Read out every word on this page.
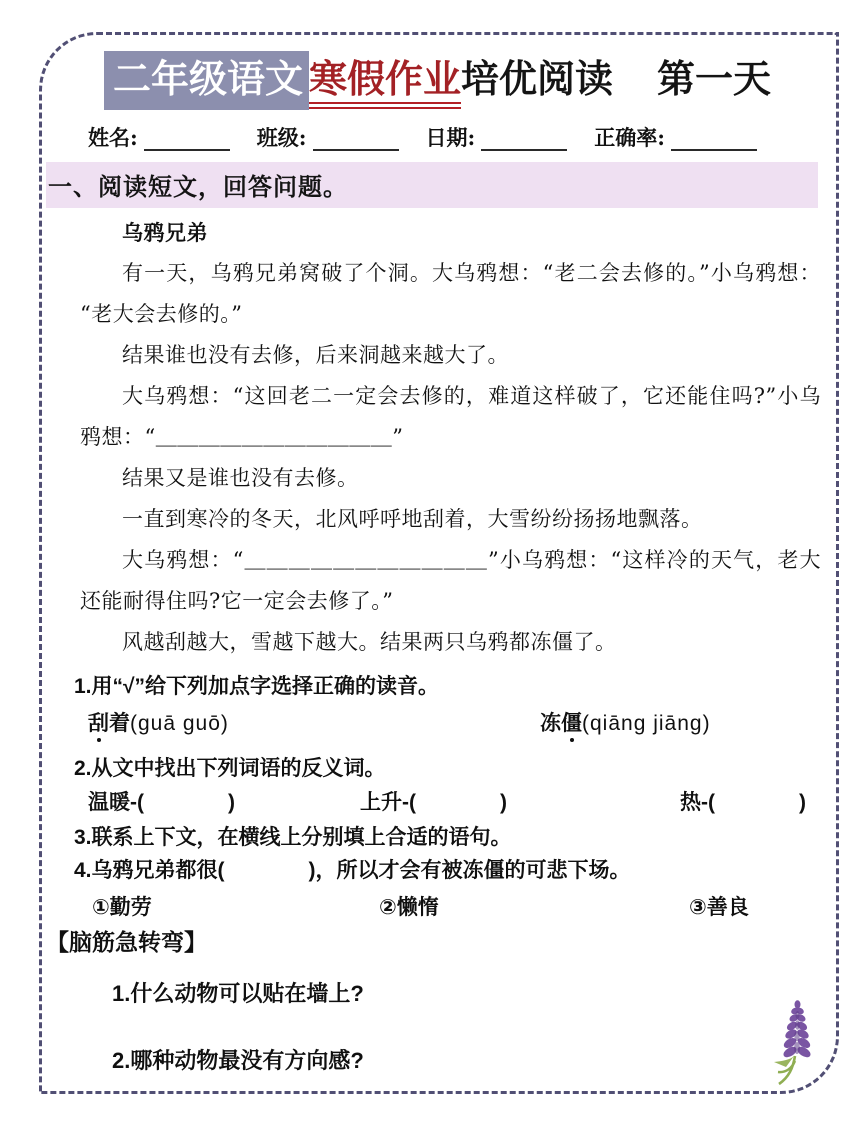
二年级语文 寒假作业培优阅读 第一天
姓名:	班级:	日期:	正确率:
一、阅读短文，回答问题。

乌鸦兄弟

有一天，乌鸦兄弟窝破了个洞。大乌鸦想：“老二会去修的。”小乌鸦想：“老大会去修的。”

结果谁也没有去修，后来洞越来越大了。

大乌鸦想：“这回老二一定会去修的，难道这样破了，它还能住吗?”小乌鸦想：“＿＿＿＿＿＿＿＿＿＿＿”

结果又是谁也没有去修。

一直到寒冷的冬天，北风呼呼地刮着，大雪纷纷扬扬地飘落。

大乌鸦想：“＿＿＿＿＿＿＿＿＿＿＿”小乌鸦想：“这样冷的天气，老大还能耐得住吗?它一定会去修了。”

风越刮越大，雪越下越大。结果两只乌鸦都冻僵了。

1.用“√”给下列加点字选择正确的读音。

刮着(guā guō)	冻僵(qiāng jiāng)

2.从文中找出下列词语的反义词。

温暖-(　　　　)	上升-(　　　　)	热-(　　　　)

3.联系上下文，在横线上分别填上合适的语句。

4.乌鸦兄弟都很(　　　　)，所以才会有被冻僵的可悲下场。

①勤劳	②懒惰	③善良

【脑筋急转弯】

1.什么动物可以贴在墙上?

2.哪种动物最没有方向感?
